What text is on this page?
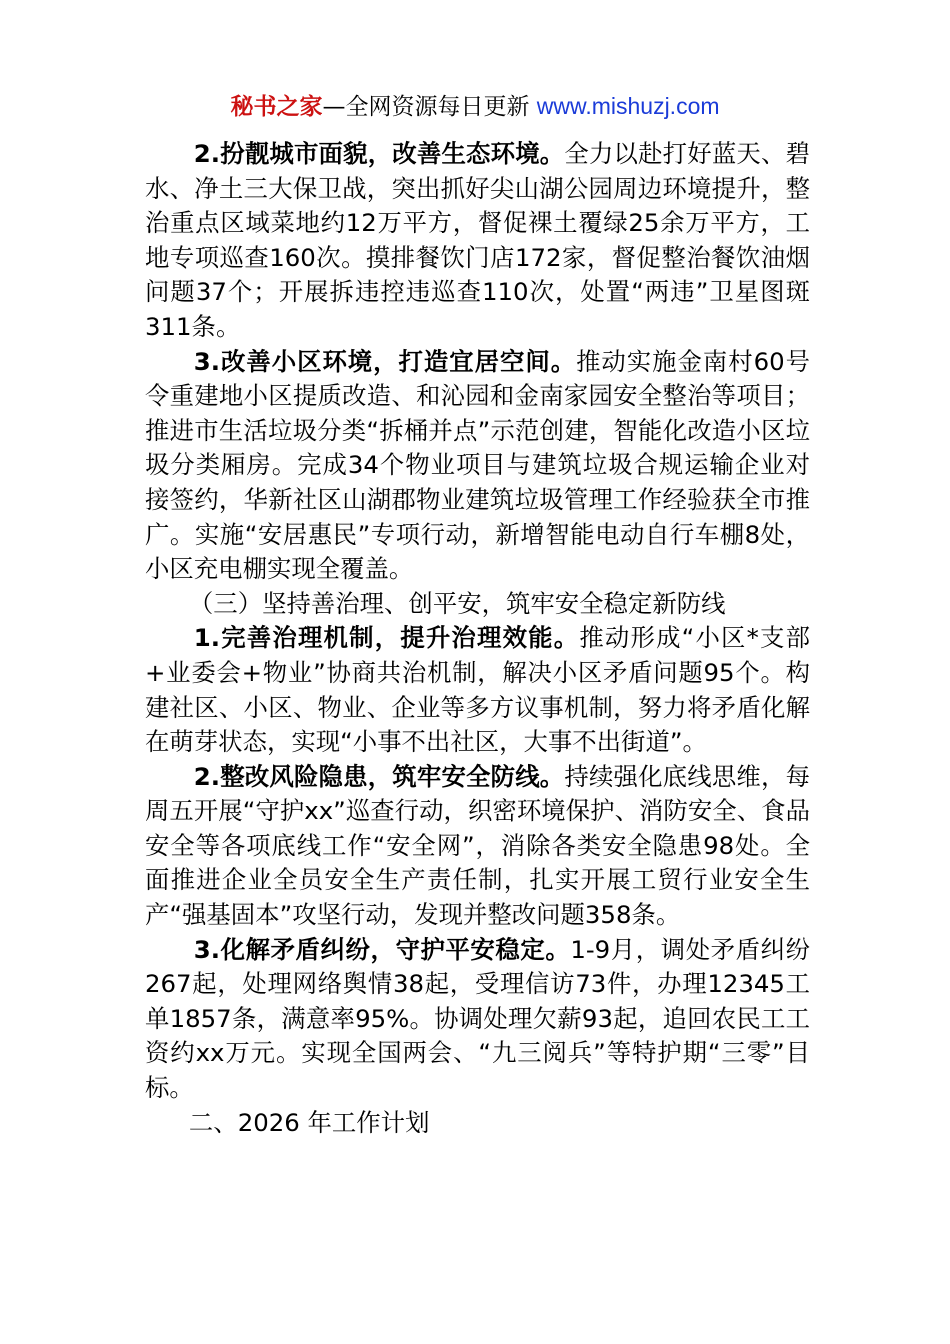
秘书之家—全网资源每日更新 www.mishuzj.com

2.扮靓城市面貌，改善生态环境。全力以赴打好蓝天、碧水、净土三大保卫战，突出抓好尖山湖公园周边环境提升，整治重点区域菜地约12万平方，督促裸土覆绿25余万平方，工地专项巡查160次。摸排餐饮门店172家，督促整治餐饮油烟问题37个；开展拆违控违巡查110次，处置“两违”卫星图斑311条。

3.改善小区环境，打造宜居空间。推动实施金南村60号令重建地小区提质改造、和沁园和金南家园安全整治等项目；推进市生活垃圾分类“拆桶并点”示范创建，智能化改造小区垃圾分类厢房。完成34个物业项目与建筑垃圾合规运输企业对接签约，华新社区山湖郡物业建筑垃圾管理工作经验获全市推广。实施“安居惠民”专项行动，新增智能电动自行车棚8处，小区充电棚实现全覆盖。

（三）坚持善治理、创平安，筑牢安全稳定新防线

1.完善治理机制，提升治理效能。推动形成“小区*支部+业委会+物业”协商共治机制，解决小区矛盾问题95个。构建社区、小区、物业、企业等多方议事机制，努力将矛盾化解在萌芽状态，实现“小事不出社区，大事不出街道”。

2.整改风险隐患，筑牢安全防线。持续强化底线思维，每周五开展“守护xx”巡查行动，织密环境保护、消防安全、食品安全等各项底线工作“安全网”，消除各类安全隐患98处。全面推进企业全员安全生产责任制，扎实开展工贸行业安全生产“强基固本”攻坚行动，发现并整改问题358条。

3.化解矛盾纠纷，守护平安稳定。1-9月，调处矛盾纠纷267起，处理网络舆情38起，受理信访73件，办理12345工单1857条，满意率95%。协调处理欠薪93起，追回农民工工资约xx万元。实现全国两会、“九三阅兵”等特护期“三零”目标。

二、2026 年工作计划
